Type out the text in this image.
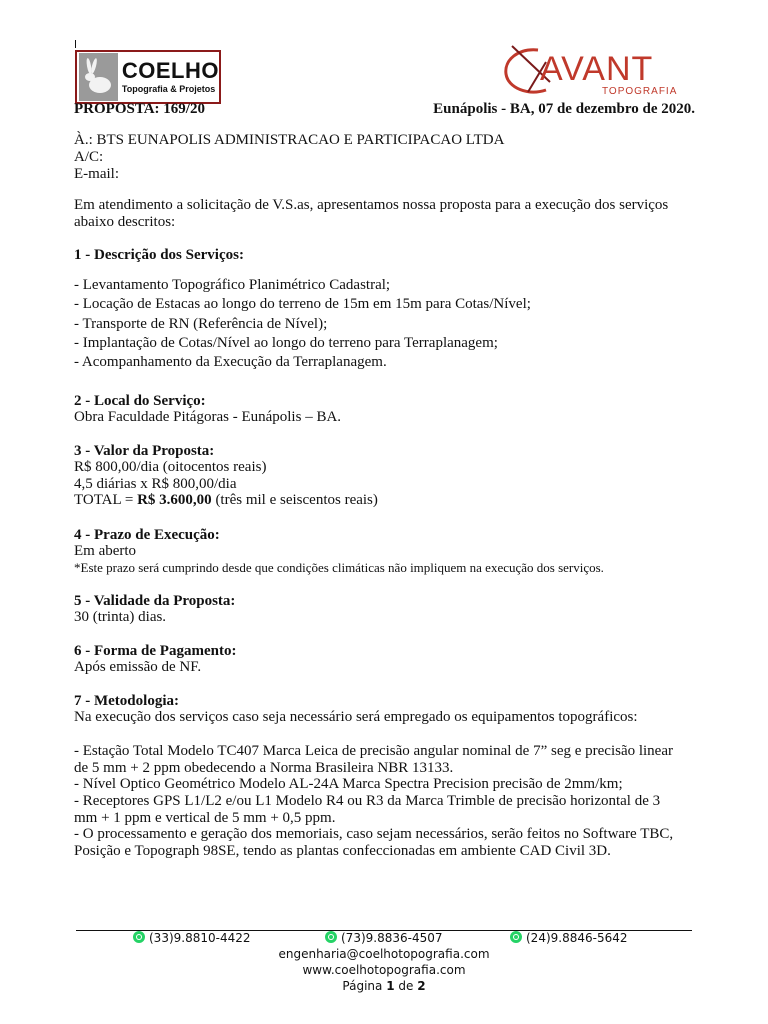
COELHO
Topografia & Projetos
AVANT
TOPOGRAFIA
PROPOSTA: 169/20	Eunápolis - BA, 07 de dezembro de 2020.
À.: BTS EUNAPOLIS ADMINISTRACAO E PARTICIPACAO LTDA
A/C:
E-mail:
Em atendimento a solicitação de V.S.as, apresentamos nossa proposta para a execução dos serviços
abaixo descritos:
1 - Descrição dos Serviços:
- Levantamento Topográfico Planimétrico Cadastral;
- Locação de Estacas ao longo do terreno de 15m em 15m para Cotas/Nível;
- Transporte de RN (Referência de Nível);
- Implantação de Cotas/Nível ao longo do terreno para Terraplanagem;
- Acompanhamento da Execução da Terraplanagem.
2 - Local do Serviço:
Obra Faculdade Pitágoras - Eunápolis – BA.
3 - Valor da Proposta:
R$ 800,00/dia (oitocentos reais)
4,5 diárias x R$ 800,00/dia
TOTAL = R$ 3.600,00 (três mil e seiscentos reais)
4 - Prazo de Execução:
Em aberto
*Este prazo será cumprindo desde que condições climáticas não impliquem na execução dos serviços.
5 - Validade da Proposta:
30 (trinta) dias.
6 - Forma de Pagamento:
Após emissão de NF.
7 - Metodologia:
Na execução dos serviços caso seja necessário será empregado os equipamentos topográficos:
- Estação Total Modelo TC407 Marca Leica de precisão angular nominal de 7” seg e precisão linear
de 5 mm + 2 ppm obedecendo a Norma Brasileira NBR 13133.
- Nível Optico Geométrico Modelo AL-24A Marca Spectra Precision precisão de 2mm/km;
- Receptores GPS L1/L2 e/ou L1 Modelo R4 ou R3 da Marca Trimble de precisão horizontal de 3
mm + 1 ppm e vertical de 5 mm + 0,5 ppm.
- O processamento e geração dos memoriais, caso sejam necessários, serão feitos no Software TBC,
Posição e Topograph 98SE, tendo as plantas confeccionadas em ambiente CAD Civil 3D.
(33)9.8810-4422	(73)9.8836-4507	(24)9.8846-5642
engenharia@coelhotopografia.com
www.coelhotopografia.com
Página 1 de 2
